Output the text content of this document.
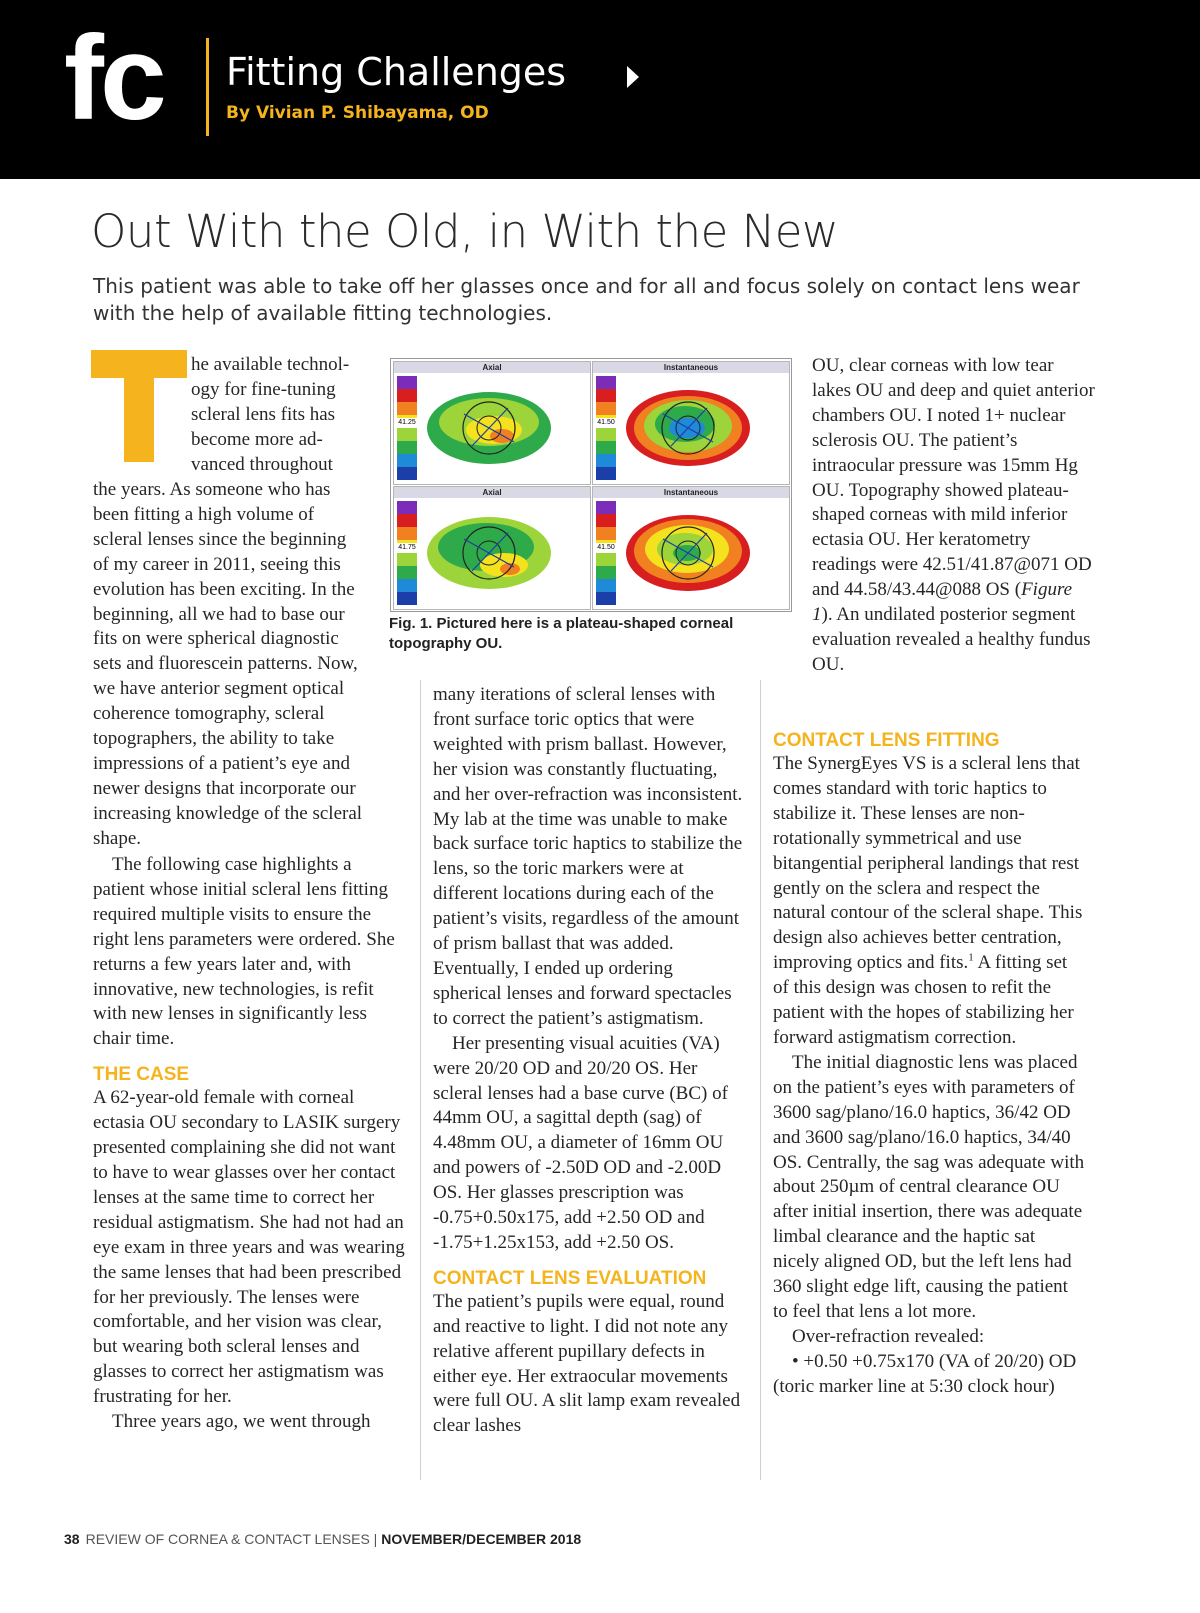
fc Fitting Challenges
By Vivian P. Shibayama, OD
Out With the Old, in With the New
This patient was able to take off her glasses once and for all and focus solely on contact lens wear with the help of available fitting technologies.

he available technol-

ogy for fine-tuning

scleral lens fits has

become more ad-

vanced throughout

the years. As someone who has been fitting a high volume of scleral lenses since the beginning of my career in 2011, seeing this evolution has been exciting. In the beginning, all we had to base our fits on were spherical diagnostic sets and fluorescein patterns. Now, we have anterior segment optical coherence tomography, scleral topographers, the ability to take impressions of a patient’s eye and newer designs that incorporate our increasing knowledge of the scleral shape.

The following case highlights a patient whose initial scleral lens fitting required multiple visits to ensure the right lens parameters were ordered. She returns a few years later and, with innovative, new technologies, is refit with new lenses in significantly less chair time.

THE CASE

A 62-year-old female with corneal ectasia OU secondary to LASIK surgery presented complaining she did not want to have to wear glasses over her contact lenses at the same time to correct her residual astigmatism. She had not had an eye exam in three years and was wearing the same lenses that had been prescribed for her previously. The lenses were comfortable, and her vision was clear, but wearing both scleral lenses and glasses to correct her astigmatism was frustrating for her.

Three years ago, we went through

Axial
41.25
Instantaneous
41.50
Axial
41.75
Instantaneous
41.50
Fig. 1. Pictured here is a plateau-shaped corneal topography OU.

many iterations of scleral lenses with front surface toric optics that were weighted with prism ballast. However, her vision was constantly fluctuating, and her over-refraction was inconsistent. My lab at the time was unable to make back surface toric haptics to stabilize the lens, so the toric markers were at different locations during each of the patient’s visits, regardless of the amount of prism ballast that was added. Eventually, I ended up ordering spherical lenses and forward spectacles to correct the patient’s astigmatism.

Her presenting visual acuities (VA) were 20/20 OD and 20/20 OS. Her scleral lenses had a base curve (BC) of 44mm OU, a sagittal depth (sag) of 4.48mm OU, a diameter of 16mm OU and powers of -2.50D OD and -2.00D OS. Her glasses prescription was -0.75+0.50x175, add +2.50 OD and -1.75+1.25x153, add +2.50 OS.

CONTACT LENS EVALUATION

The patient’s pupils were equal, round and reactive to light. I did not note any relative afferent pupillary defects in either eye. Her extraocular movements were full OU. A slit lamp exam revealed clear lashes

OU, clear corneas with low tear lakes OU and deep and quiet anterior chambers OU. I noted 1+ nuclear sclerosis OU. The patient’s intraocular pressure was 15mm Hg OU. Topography showed plateau-shaped corneas with mild inferior ectasia OU. Her keratometry readings were 42.51/41.87@071 OD and 44.58/43.44@088 OS (Figure 1). An undilated posterior segment evaluation revealed a healthy fundus OU.

CONTACT LENS FITTING

The SynergEyes VS is a scleral lens that comes standard with toric haptics to stabilize it. These lenses are non-rotationally symmetrical and use bitangential peripheral landings that rest gently on the sclera and respect the natural contour of the scleral shape. This design also achieves better centration, improving optics and fits.$^1$ A fitting set of this design was chosen to refit the patient with the hopes of stabilizing her forward astigmatism correction.

The initial diagnostic lens was placed on the patient’s eyes with parameters of 3600 sag/plano/16.0 haptics, 36/42 OD and 3600 sag/plano/16.0 haptics, 34/40 OS. Centrally, the sag was adequate with about 250µm of central clearance OU after initial insertion, there was adequate limbal clearance and the haptic sat nicely aligned OD, but the left lens had 360 slight edge lift, causing the patient to feel that lens a lot more.

Over-refraction revealed:

• +0.50 +0.75x170 (VA of 20/20) OD (toric marker line at 5:30 clock hour)

38 REVIEW OF CORNEA & CONTACT LENSES | NOVEMBER/DECEMBER 2018
